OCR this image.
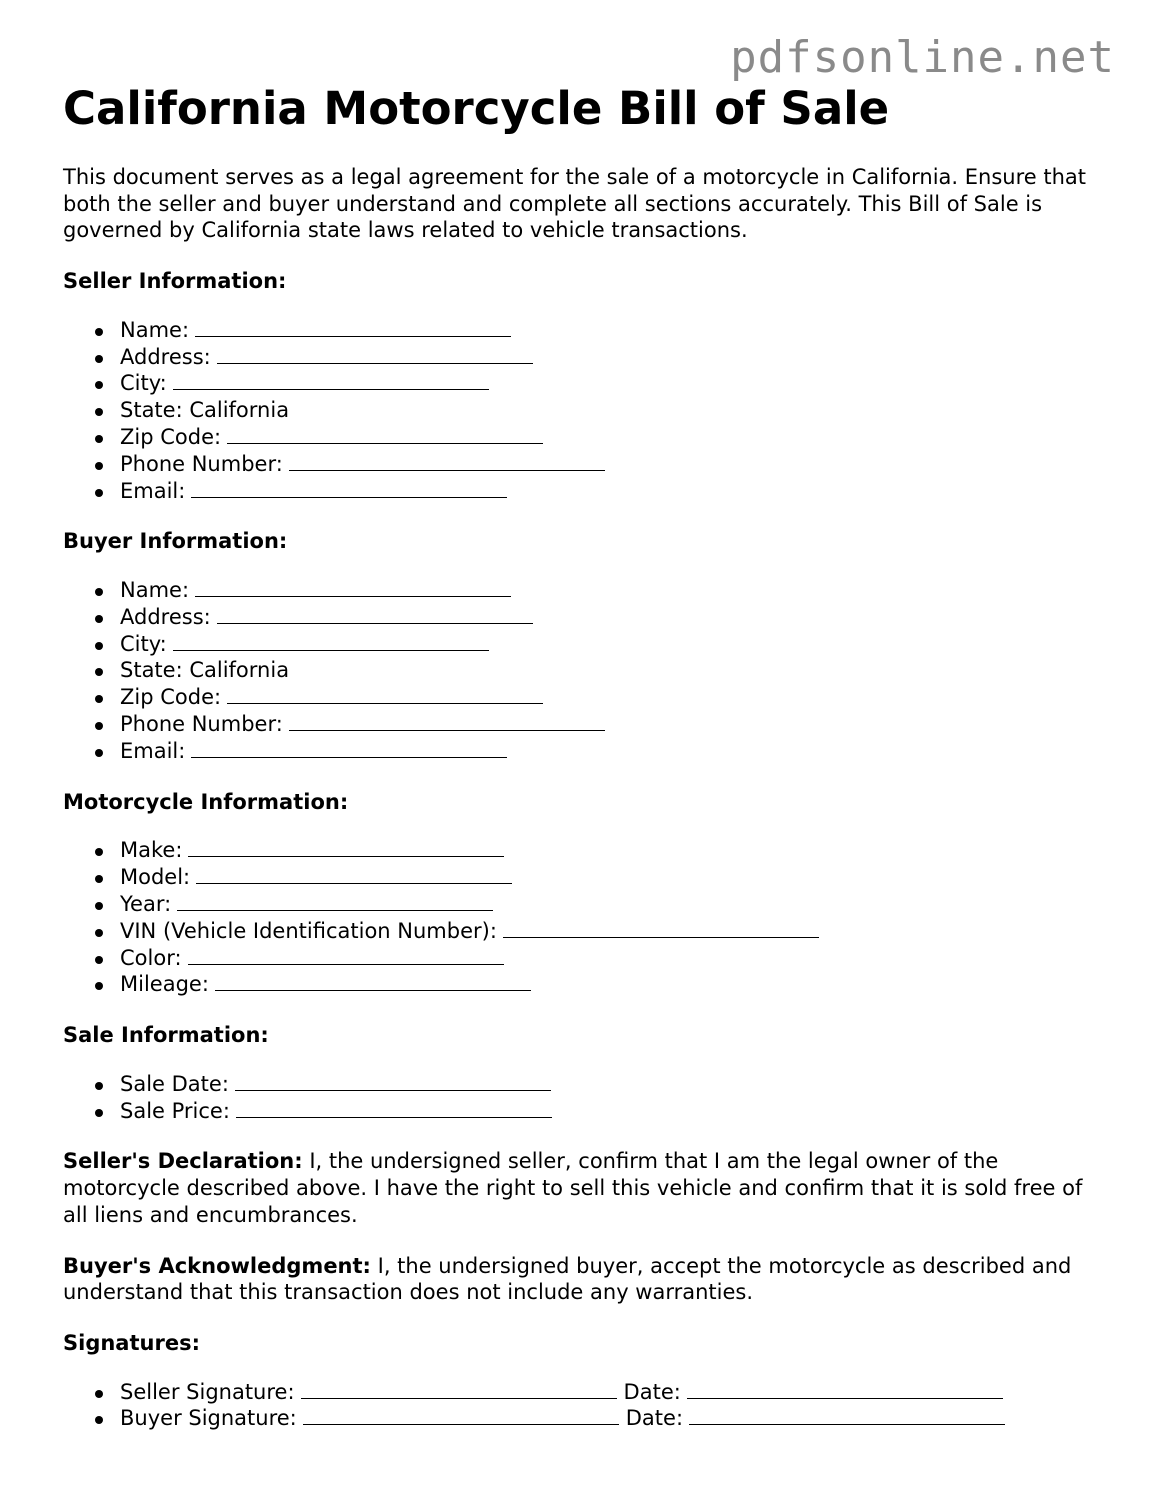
pdfsonline.net

California Motorcycle Bill of Sale

This document serves as a legal agreement for the sale of a motorcycle in California. Ensure that both the seller and buyer understand and complete all sections accurately. This Bill of Sale is governed by California state laws related to vehicle transactions.

Seller Information:
Name:
Address:
City:
State: California
Zip Code:
Phone Number:
Email:
Buyer Information:
Name:
Address:
City:
State: California
Zip Code:
Phone Number:
Email:
Motorcycle Information:
Make:
Model:
Year:
VIN (Vehicle Identification Number):
Color:
Mileage:
Sale Information:
Sale Date:
Sale Price:

Seller's Declaration: I, the undersigned seller, confirm that I am the legal owner of the motorcycle described above. I have the right to sell this vehicle and confirm that it is sold free of all liens and encumbrances.

Buyer's Acknowledgment: I, the undersigned buyer, accept the motorcycle as described and understand that this transaction does not include any warranties.

Signatures:
Seller Signature:	Date:
Buyer Signature:	Date:
